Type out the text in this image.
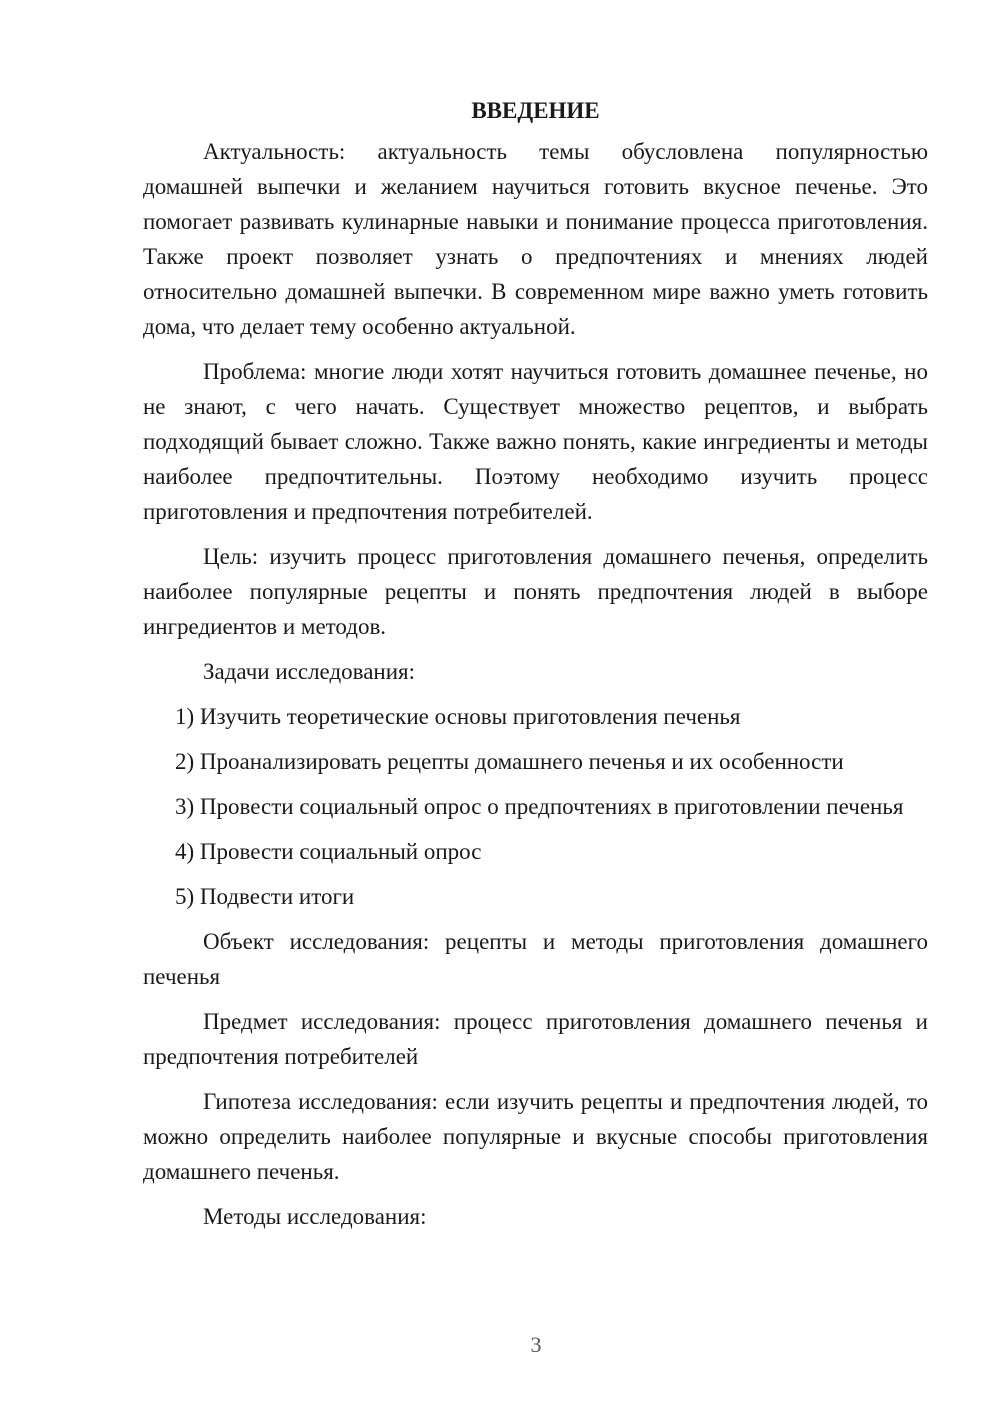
ВВЕДЕНИЕ

Актуальность: актуальность темы обусловлена популярностью домашней выпечки и желанием научиться готовить вкусное печенье. Это помогает развивать кулинарные навыки и понимание процесса приготовления. Также проект позволяет узнать о предпочтениях и мнениях людей относительно домашней выпечки. В современном мире важно уметь готовить дома, что делает тему особенно актуальной.

Проблема: многие люди хотят научиться готовить домашнее печенье, но не знают, с чего начать. Существует множество рецептов, и выбрать подходящий бывает сложно. Также важно понять, какие ингредиенты и методы наиболее предпочтительны. Поэтому необходимо изучить процесс приготовления и предпочтения потребителей.

Цель: изучить процесс приготовления домашнего печенья, определить наиболее популярные рецепты и понять предпочтения людей в выборе ингредиентов и методов.

Задачи исследования:

1) Изучить теоретические основы приготовления печенья

2) Проанализировать рецепты домашнего печенья и их особенности

3) Провести социальный опрос о предпочтениях в приготовлении печенья

4) Провести социальный опрос

5) Подвести итоги

Объект исследования: рецепты и методы приготовления домашнего печенья

Предмет исследования: процесс приготовления домашнего печенья и предпочтения потребителей

Гипотеза исследования: если изучить рецепты и предпочтения людей, то можно определить наиболее популярные и вкусные способы приготовления домашнего печенья.

Методы исследования:

3
